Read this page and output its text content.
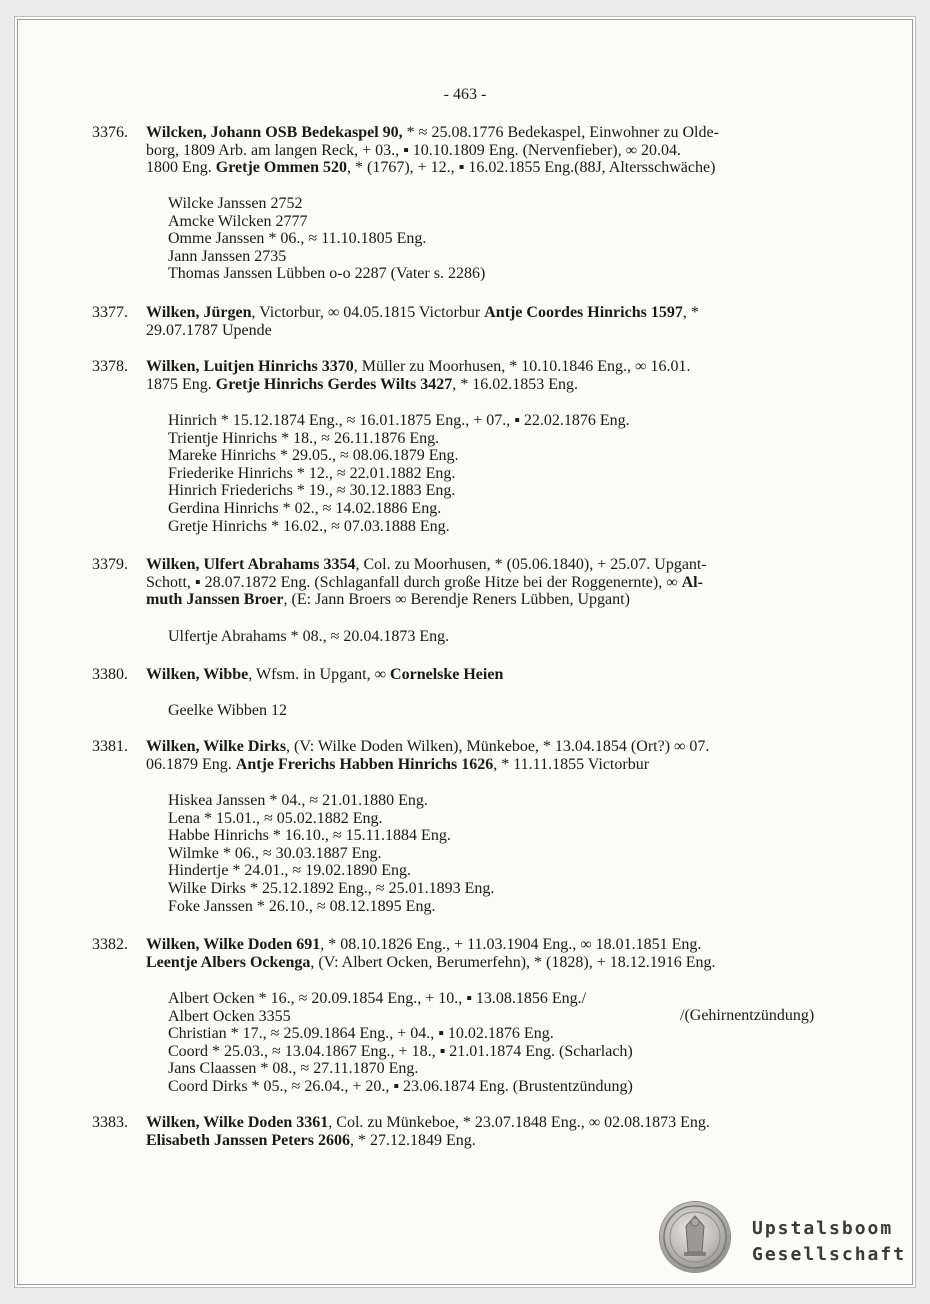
- 463 -
3376. Wilcken, Johann OSB Bedekaspel 90, * ≈ 25.08.1776 Bedekaspel, Einwohner zu Olde-
borg, 1809 Arb. am langen Reck, + 03., ▪ 10.10.1809 Eng. (Nervenfieber), ∞ 20.04.
1800 Eng. Gretje Ommen 520, * (1767), + 12., ▪ 16.02.1855 Eng.(88J, Altersschwäche)
Wilcke Janssen 2752
Amcke Wilcken 2777
Omme Janssen * 06., ≈ 11.10.1805 Eng.
Jann Janssen 2735
Thomas Janssen Lübben o-o 2287 (Vater s. 2286)
3377. Wilken, Jürgen, Victorbur, ∞ 04.05.1815 Victorbur Antje Coordes Hinrichs 1597, *
29.07.1787 Upende
3378. Wilken, Luitjen Hinrichs 3370, Müller zu Moorhusen, * 10.10.1846 Eng., ∞ 16.01.
1875 Eng. Gretje Hinrichs Gerdes Wilts 3427, * 16.02.1853 Eng.
Hinrich * 15.12.1874 Eng., ≈ 16.01.1875 Eng., + 07., ▪ 22.02.1876 Eng.
Trientje Hinrichs * 18., ≈ 26.11.1876 Eng.
Mareke Hinrichs * 29.05., ≈ 08.06.1879 Eng.
Friederike Hinrichs * 12., ≈ 22.01.1882 Eng.
Hinrich Friederichs * 19., ≈ 30.12.1883 Eng.
Gerdina Hinrichs * 02., ≈ 14.02.1886 Eng.
Gretje Hinrichs * 16.02., ≈ 07.03.1888 Eng.
3379. Wilken, Ulfert Abrahams 3354, Col. zu Moorhusen, * (05.06.1840), + 25.07. Upgant-
Schott, ▪ 28.07.1872 Eng. (Schlaganfall durch große Hitze bei der Roggenernte), ∞ Al-
muth Janssen Broer, (E: Jann Broers ∞ Berendje Reners Lübben, Upgant)
Ulfertje Abrahams * 08., ≈ 20.04.1873 Eng.
3380. Wilken, Wibbe, Wfsm. in Upgant, ∞ Cornelske Heien
Geelke Wibben 12
3381. Wilken, Wilke Dirks, (V: Wilke Doden Wilken), Münkeboe, * 13.04.1854 (Ort?) ∞ 07.
06.1879 Eng. Antje Frerichs Habben Hinrichs 1626, * 11.11.1855 Victorbur
Hiskea Janssen * 04., ≈ 21.01.1880 Eng.
Lena * 15.01., ≈ 05.02.1882 Eng.
Habbe Hinrichs * 16.10., ≈ 15.11.1884 Eng.
Wilmke * 06., ≈ 30.03.1887 Eng.
Hindertje * 24.01., ≈ 19.02.1890 Eng.
Wilke Dirks * 25.12.1892 Eng., ≈ 25.01.1893 Eng.
Foke Janssen * 26.10., ≈ 08.12.1895 Eng.
3382. Wilken, Wilke Doden 691, * 08.10.1826 Eng., + 11.03.1904 Eng., ∞ 18.01.1851 Eng.
Leentje Albers Ockenga, (V: Albert Ocken, Berumerfehn), * (1828), + 18.12.1916 Eng.
Albert Ocken * 16., ≈ 20.09.1854 Eng., + 10., ▪ 13.08.1856 Eng./
Albert Ocken 3355
Christian * 17., ≈ 25.09.1864 Eng., + 04., ▪ 10.02.1876 Eng.
Coord * 25.03., ≈ 13.04.1867 Eng., + 18., ▪ 21.01.1874 Eng. (Scharlach)
Jans Claassen * 08., ≈ 27.11.1870 Eng.
Coord Dirks * 05., ≈ 26.04., + 20., ▪ 23.06.1874 Eng. (Brustentzündung)
/(Gehirnentzündung)
3383. Wilken, Wilke Doden 3361, Col. zu Münkeboe, * 23.07.1848 Eng., ∞ 02.08.1873 Eng.
Elisabeth Janssen Peters 2606, * 27.12.1849 Eng.
Upstalsboom
Gesellschaft
